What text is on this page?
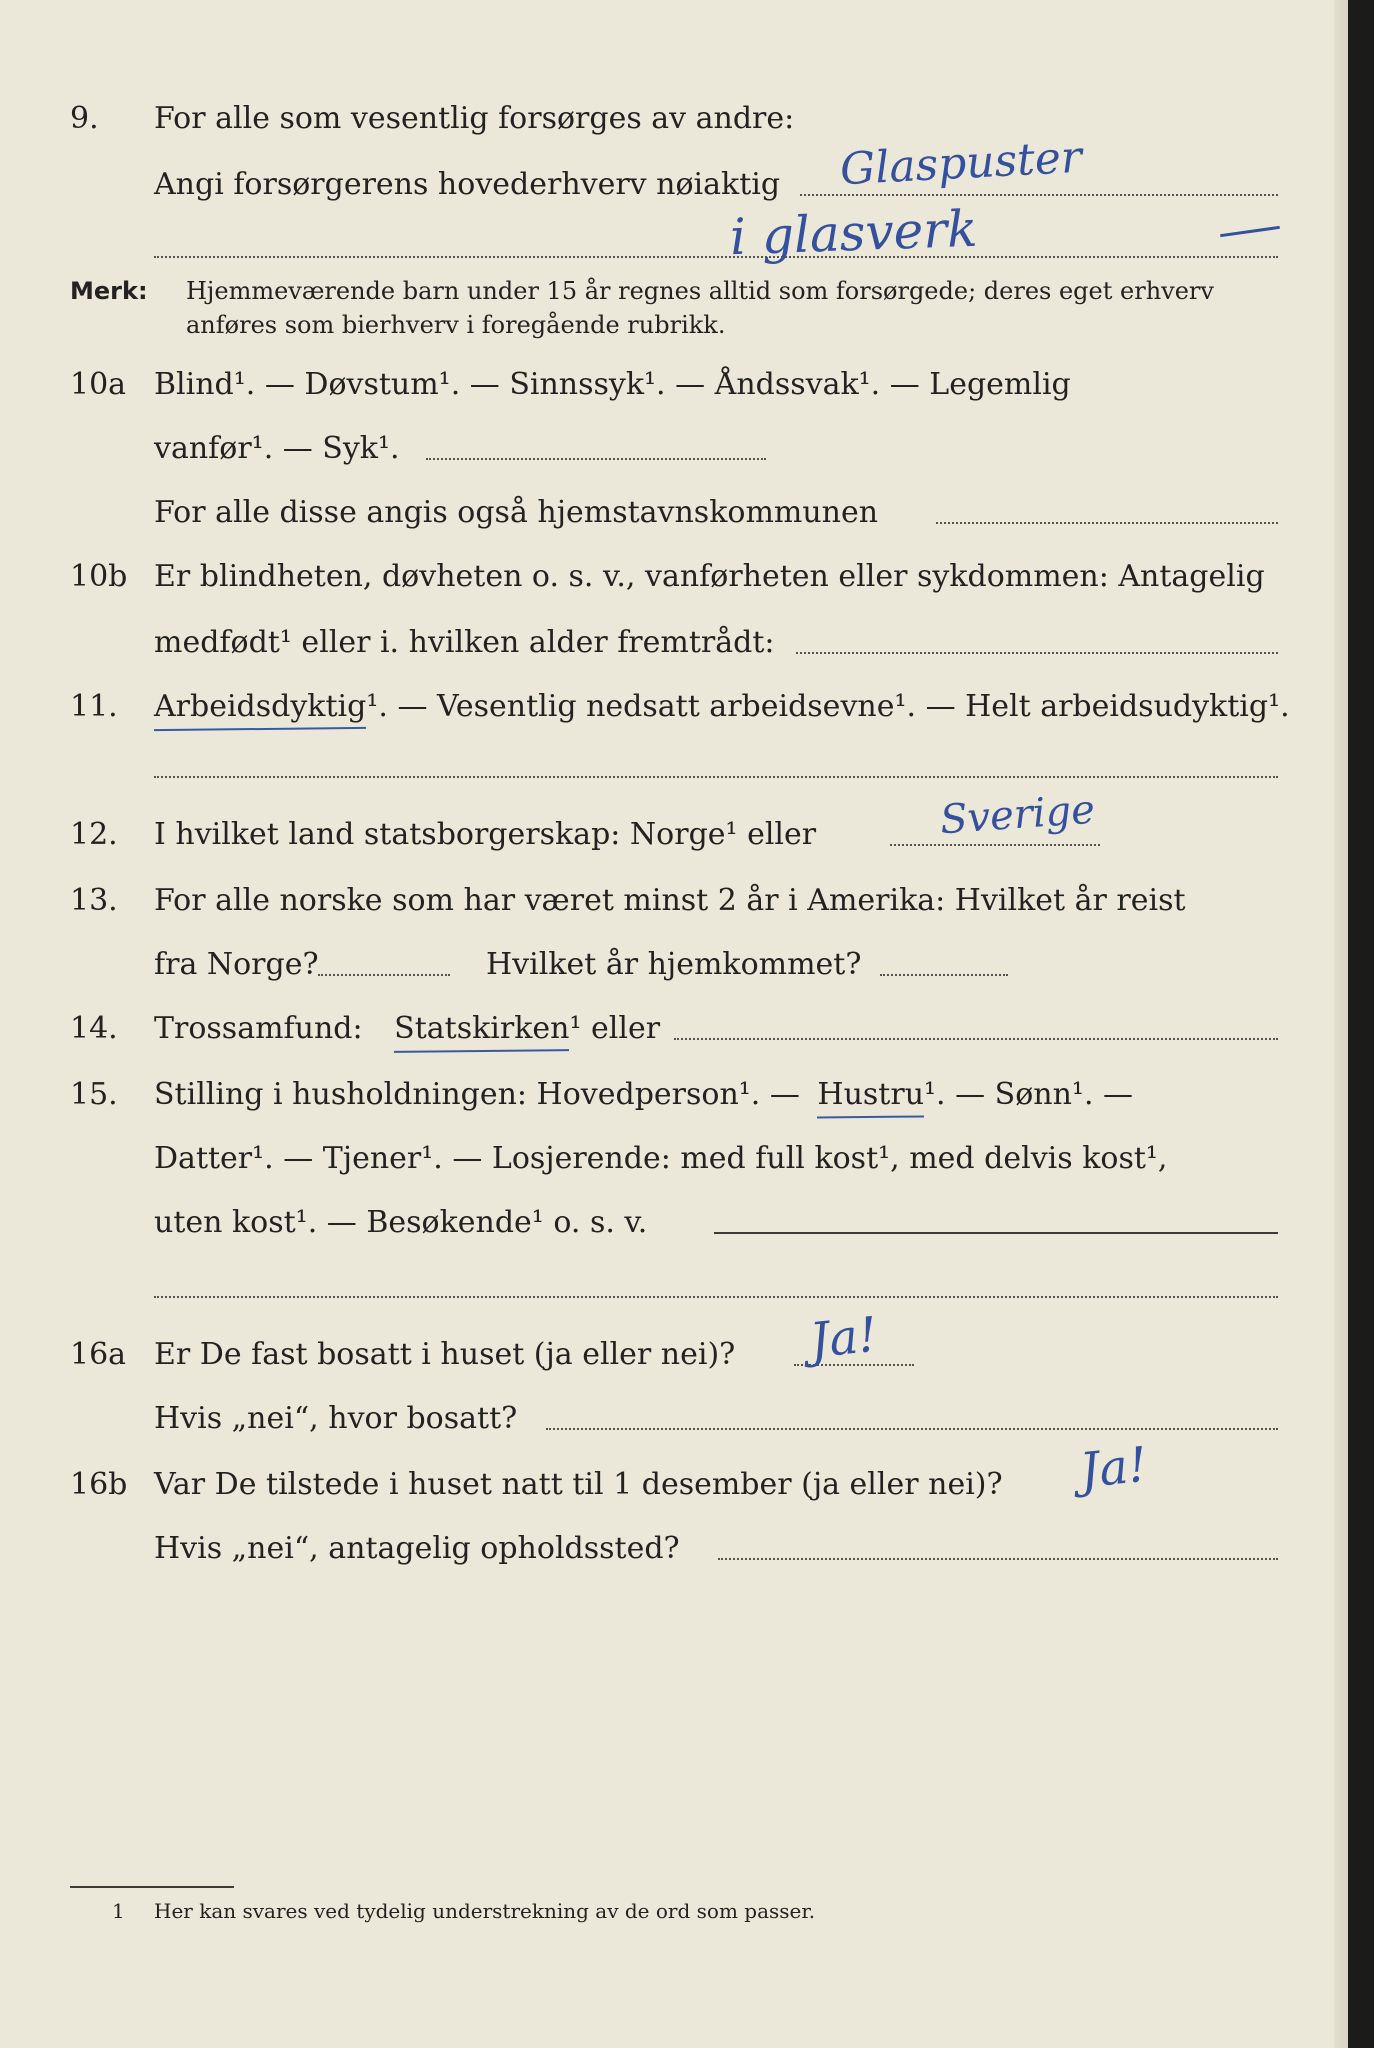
9. For alle som vesentlig forsørges av andre:
Angi forsørgerens hovederhverv nøiaktig Glaspuster
i glasverk
Merk: Hjemmeværende barn under 15 år regnes alltid som forsørgede; deres eget erhverv
anføres som bierhverv i foregående rubrikk.
10a Blind¹. — Døvstum¹. — Sinnssyk¹. — Åndssvak¹. — Legemlig
vanfør¹. — Syk¹.
For alle disse angis også hjemstavnskommunen
10b Er blindheten, døvheten o. s. v., vanførheten eller sykdommen: Antagelig
medfødt¹ eller i. hvilken alder fremtrådt:
11. Arbeidsdyktig¹. — Vesentlig nedsatt arbeidsevne¹. — Helt arbeidsudyktig¹.
12. I hvilket land statsborgerskap: Norge¹ eller	Sverige
13. For alle norske som har været minst 2 år i Amerika: Hvilket år reist
fra Norge?	Hvilket år hjemkommet?
14. Trossamfund: Statskirken¹ eller
15. Stilling i husholdningen: Hovedperson¹. — Hustru¹. — Sønn¹. —
Datter¹. — Tjener¹. — Losjerende: med full kost¹, med delvis kost¹,
uten kost¹. — Besøkende¹ o. s. v.
16a Er De fast bosatt i huset (ja eller nei)? Ja!
Hvis „nei“, hvor bosatt?
16b Var De tilstede i huset natt til 1 desember (ja eller nei)? Ja!
Hvis „nei“, antagelig opholdssted?
1 Her kan svares ved tydelig understrekning av de ord som passer.
